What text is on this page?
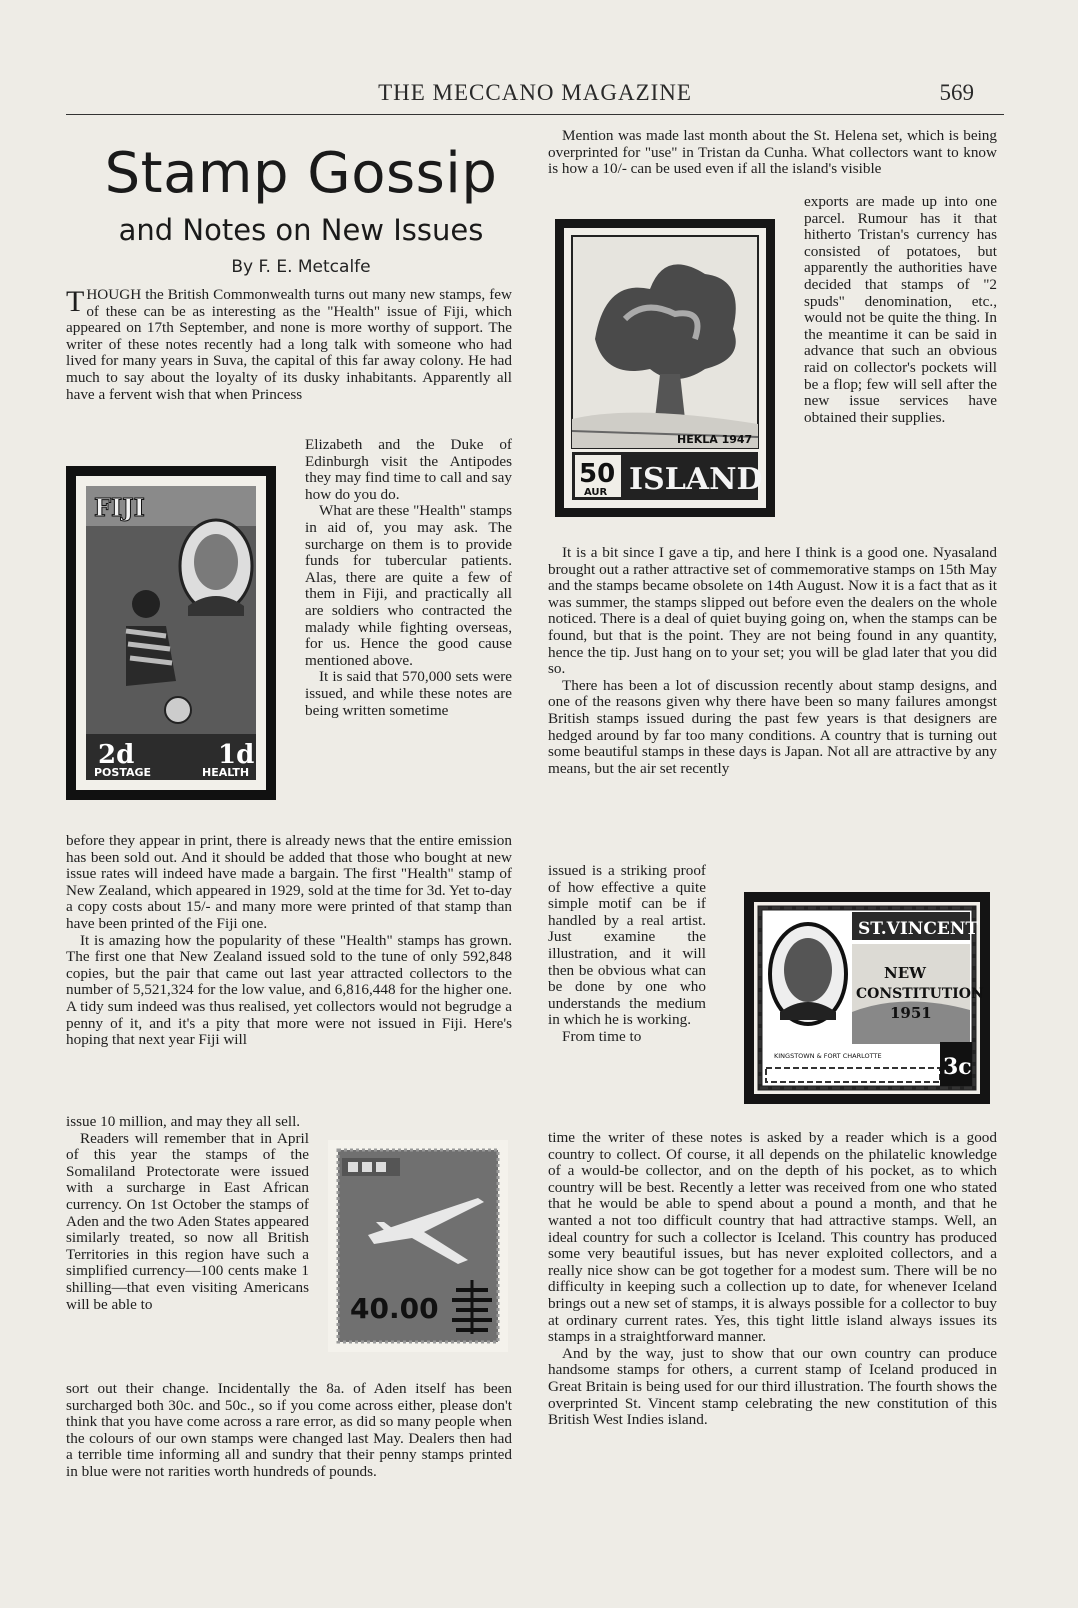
THE MECCANO MAGAZINE	569
Stamp Gossip
and Notes on New Issues
By F. E. Metcalfe

THOUGH the British Commonwealth turns out many new stamps, few of these can be as interesting as the "Health" issue of Fiji, which appeared on 17th September, and none is more worthy of support. The writer of these notes recently had a long talk with someone who had lived for many years in Suva, the capital of this far away colony. He had much to say about the loyalty of its dusky inhabitants. Apparently all have a fervent wish that when Princess

Elizabeth and the Duke of Edinburgh visit the Antipodes they may find time to call and say how do you do.

What are these "Health" stamps in aid of, you may ask. The surcharge on them is to provide funds for tubercular patients. Alas, there are quite a few of them in Fiji, and practically all are soldiers who contracted the malady while fighting overseas, for us. Hence the good cause mentioned above.

It is said that 570,000 sets were issued, and while these notes are being written sometime

before they appear in print, there is already news that the entire emission has been sold out. And it should be added that those who bought at new issue rates will indeed have made a bargain. The first "Health" stamp of New Zealand, which appeared in 1929, sold at the time for 3d. Yet to-day a copy costs about 15/- and many more were printed of that stamp than have been printed of the Fiji one.

It is amazing how the popularity of these "Health" stamps has grown. The first one that New Zealand issued sold to the tune of only 592,848 copies, but the pair that came out last year attracted collectors to the number of 5,521,324 for the low value, and 6,816,448 for the higher one. A tidy sum indeed was thus realised, yet collectors would not begrudge a penny of it, and it's a pity that more were not issued in Fiji. Here's hoping that next year Fiji will

issue 10 million, and may they all sell.

Readers will remember that in April of this year the stamps of the Somaliland Protectorate were issued with a surcharge in East African currency. On 1st October the stamps of Aden and the two Aden States appeared similarly treated, so now all British Territories in this region have such a simplified currency—100 cents make 1 shilling—that even visiting Americans will be able to

sort out their change. Incidentally the 8a. of Aden itself has been surcharged both 30c. and 50c., so if you come across either, please don't think that you have come across a rare error, as did so many people when the colours of our own stamps were changed last May. Dealers then had a terrible time informing all and sundry that their penny stamps printed in blue were not rarities worth hundreds of pounds.

Mention was made last month about the St. Helena set, which is being overprinted for "use" in Tristan da Cunha. What collectors want to know is how a 10/- can be used even if all the island's visible

exports are made up into one parcel. Rumour has it that hitherto Tristan's currency has consisted of potatoes, but apparently the authorities have decided that stamps of "2 spuds" denomination, etc., would not be quite the thing. In the meantime it can be said in advance that such an obvious raid on collector's pockets will be a flop; few will sell after the new issue services have obtained their supplies.

It is a bit since I gave a tip, and here I think is a good one. Nyasaland brought out a rather attractive set of commemorative stamps on 15th May and the stamps became obsolete on 14th August. Now it is a fact that as it was summer, the stamps slipped out before even the dealers on the whole noticed. There is a deal of quiet buying going on, when the stamps can be found, but that is the point. They are not being found in any quantity, hence the tip. Just hang on to your set; you will be glad later that you did so.

There has been a lot of discussion recently about stamp designs, and one of the reasons given why there have been so many failures amongst British stamps issued during the past few years is that designers are hedged around by far too many conditions. A country that is turning out some beautiful stamps in these days is Japan. Not all are attractive by any means, but the air set recently

issued is a striking proof of how effective a quite simple motif can be if handled by a real artist. Just examine the illustration, and it will then be obvious what can be done by one who understands the medium in which he is working.

From time to

time the writer of these notes is asked by a reader which is a good country to collect. Of course, it all depends on the philatelic knowledge of a would-be collector, and on the depth of his pocket, as to which country will be best. Recently a letter was received from one who stated that he would be able to spend about a pound a month, and that he wanted a not too difficult country that had attractive stamps. Well, an ideal country for such a collector is Iceland. This country has produced some very beautiful issues, but has never exploited collectors, and a really nice show can be got together for a modest sum. There will be no difficulty in keeping such a collection up to date, for whenever Iceland brings out a new set of stamps, it is always possible for a collector to buy at ordinary current rates. Yes, this tight little island always issues its stamps in a straightforward manner.

And by the way, just to show that our own country can produce handsome stamps for others, a current stamp of Iceland produced in Great Britain is being used for our third illustration. The fourth shows the overprinted St. Vincent stamp celebrating the new constitution of this British West Indies island.

2d	1d
POSTAGE	HEALTH
FIJI
HEKLA 1947
50
AUR ISLAND
40.00
ST.VINCENT
NEW
CONSTITUTION
1951
KINGSTOWN & FORT CHARLOTTE	3c
